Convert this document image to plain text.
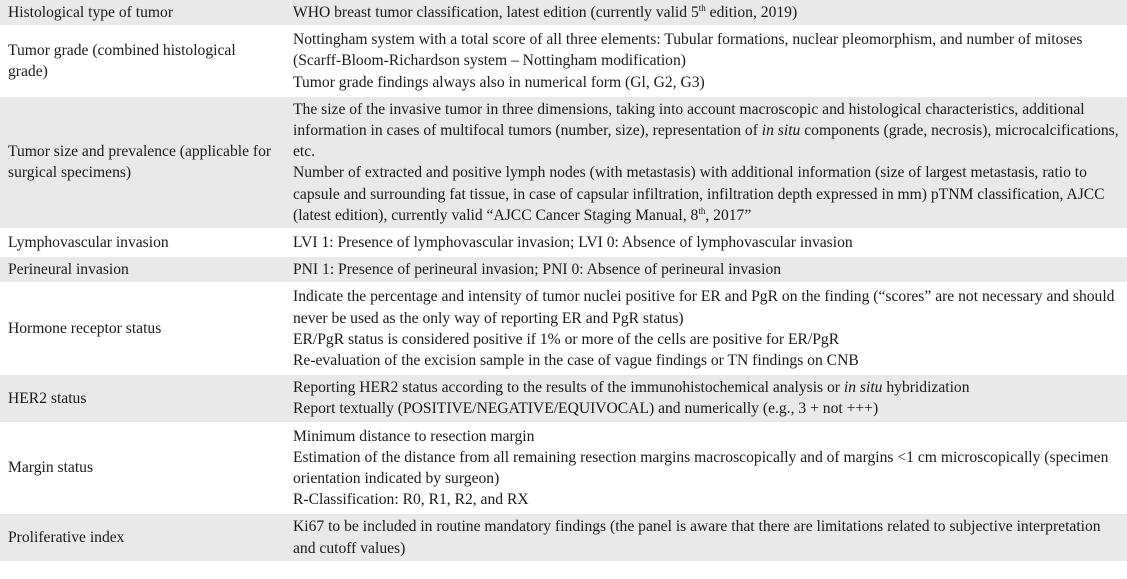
Histological type of tumor	WHO breast tumor classification, latest edition (currently valid 5th edition, 2019)

Tumor grade (combined histological grade)	Nottingham system with a total score of all three elements: Tubular formations, nuclear pleomorphism, and number of mitoses (Scarff-Bloom-Richardson system – Nottingham modification)
Tumor grade findings always also in numerical form (Gl, G2, G3)

Tumor size and prevalence (applicable for surgical specimens)	The size of the invasive tumor in three dimensions, taking into account macroscopic and histological characteristics, additional information in cases of multifocal tumors (number, size), representation of in situ components (grade, necrosis), microcalcifications, etc.
Number of extracted and positive lymph nodes (with metastasis) with additional information (size of largest metastasis, ratio to capsule and surrounding fat tissue, in case of capsular infiltration, infiltration depth expressed in mm) pTNM classification, AJCC (latest edition), currently valid “AJCC Cancer Staging Manual, 8th, 2017”

Lymphovascular invasion	LVI 1: Presence of lymphovascular invasion; LVI 0: Absence of lymphovascular invasion

Perineural invasion	PNI 1: Presence of perineural invasion; PNI 0: Absence of perineural invasion

Hormone receptor status	Indicate the percentage and intensity of tumor nuclei positive for ER and PgR on the finding (“scores” are not necessary and should never be used as the only way of reporting ER and PgR status)
ER/PgR status is considered positive if 1% or more of the cells are positive for ER/PgR
Re-evaluation of the excision sample in the case of vague findings or TN findings on CNB

HER2 status	Reporting HER2 status according to the results of the immunohistochemical analysis or in situ hybridization
Report textually (POSITIVE/NEGATIVE/EQUIVOCAL) and numerically (e.g., 3 + not +++)

Margin status	Minimum distance to resection margin
Estimation of the distance from all remaining resection margins macroscopically and of margins <1 cm microscopically (specimen orientation indicated by surgeon)
R-Classification: R0, R1, R2, and RX

Proliferative index	Ki67 to be included in routine mandatory findings (the panel is aware that there are limitations related to subjective interpretation and cutoff values)
